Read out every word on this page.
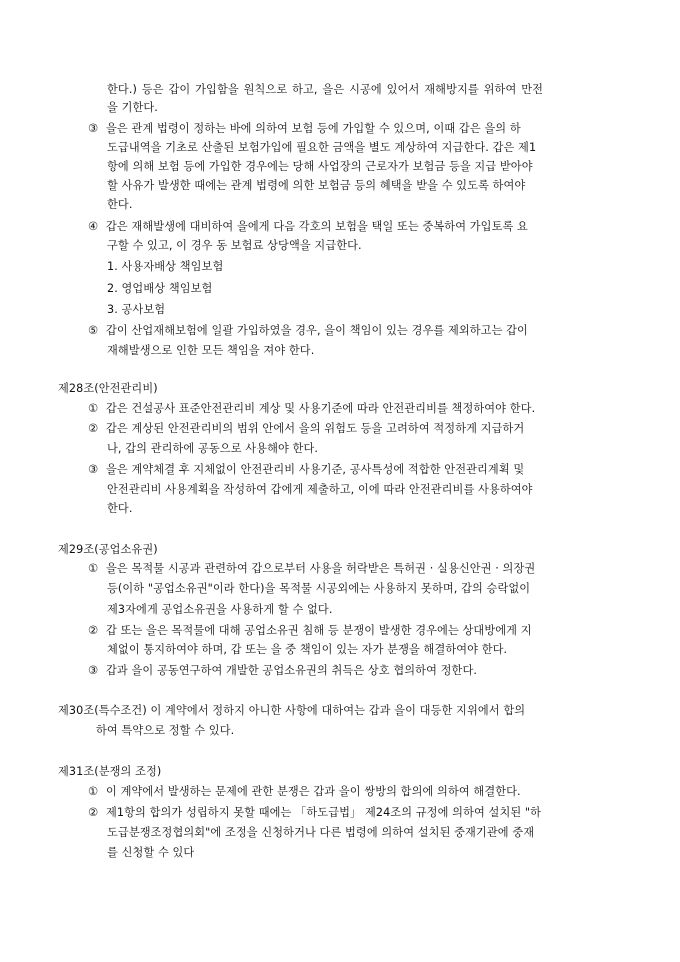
한다.) 등은 갑이 가입함을 원칙으로 하고, 을은 시공에 있어서 재해방지를 위하여 만전
을 기한다.
③ 을은 관계 법령이 정하는 바에 의하여 보험 등에 가입할 수 있으며, 이때 갑은 을의 하
도급내역을 기초로 산출된 보험가입에 필요한 금액을 별도 계상하여 지급한다. 갑은 제1
항에 의해 보험 등에 가입한 경우에는 당해 사업장의 근로자가 보험금 등을 지급 받아야
할 사유가 발생한 때에는 관계 법령에 의한 보험금 등의 혜택을 받을 수 있도록 하여야
한다.
④ 갑은 재해발생에 대비하여 을에게 다음 각호의 보험을 택일 또는 중복하여 가입토록 요
구할 수 있고, 이 경우 동 보험료 상당액을 지급한다.
1. 사용자배상 책임보험
2. 영업배상 책임보험
3. 공사보험
⑤ 갑이 산업재해보험에 일괄 가입하였을 경우, 을이 책임이 있는 경우를 제외하고는 갑이
재해발생으로 인한 모든 책임을 져야 한다.
제28조(안전관리비)
① 갑은 건설공사 표준안전관리비 계상 및 사용기준에 따라 안전관리비를 책정하여야 한다.
② 갑은 계상된 안전관리비의 범위 안에서 을의 위험도 등을 고려하여 적정하게 지급하거
나, 갑의 관리하에 공동으로 사용해야 한다.
③ 을은 계약체결 후 지체없이 안전관리비 사용기준, 공사특성에 적합한 안전관리계획 및
안전관리비 사용계획을 작성하여 갑에게 제출하고, 이에 따라 안전관리비를 사용하여야
한다.
제29조(공업소유권)
① 을은 목적물 시공과 관련하여 갑으로부터 사용을 허락받은 특허권 · 실용신안권 · 의장권
등(이하 "공업소유권"이라 한다)을 목적물 시공외에는 사용하지 못하며, 갑의 승락없이
제3자에게 공업소유권을 사용하게 할 수 없다.
② 갑 또는 을은 목적물에 대해 공업소유권 침해 등 분쟁이 발생한 경우에는 상대방에게 지
체없이 통지하여야 하며, 갑 또는 을 중 책임이 있는 자가 분쟁을 해결하여야 한다.
③ 갑과 을이 공동연구하여 개발한 공업소유권의 취득은 상호 협의하여 정한다.
제30조(특수조건) 이 계약에서 정하지 아니한 사항에 대하여는 갑과 을이 대등한 지위에서 합의
하여 특약으로 정할 수 있다.
제31조(분쟁의 조정)
① 이 계약에서 발생하는 문제에 관한 분쟁은 갑과 을이 쌍방의 합의에 의하여 해결한다.
② 제1항의 합의가 성립하지 못할 때에는 「하도급법」 제24조의 규정에 의하여 설치된 "하
도급분쟁조정협의회"에 조정을 신청하거나 다른 법령에 의하여 설치된 중재기관에 중재
를 신청할 수 있다
